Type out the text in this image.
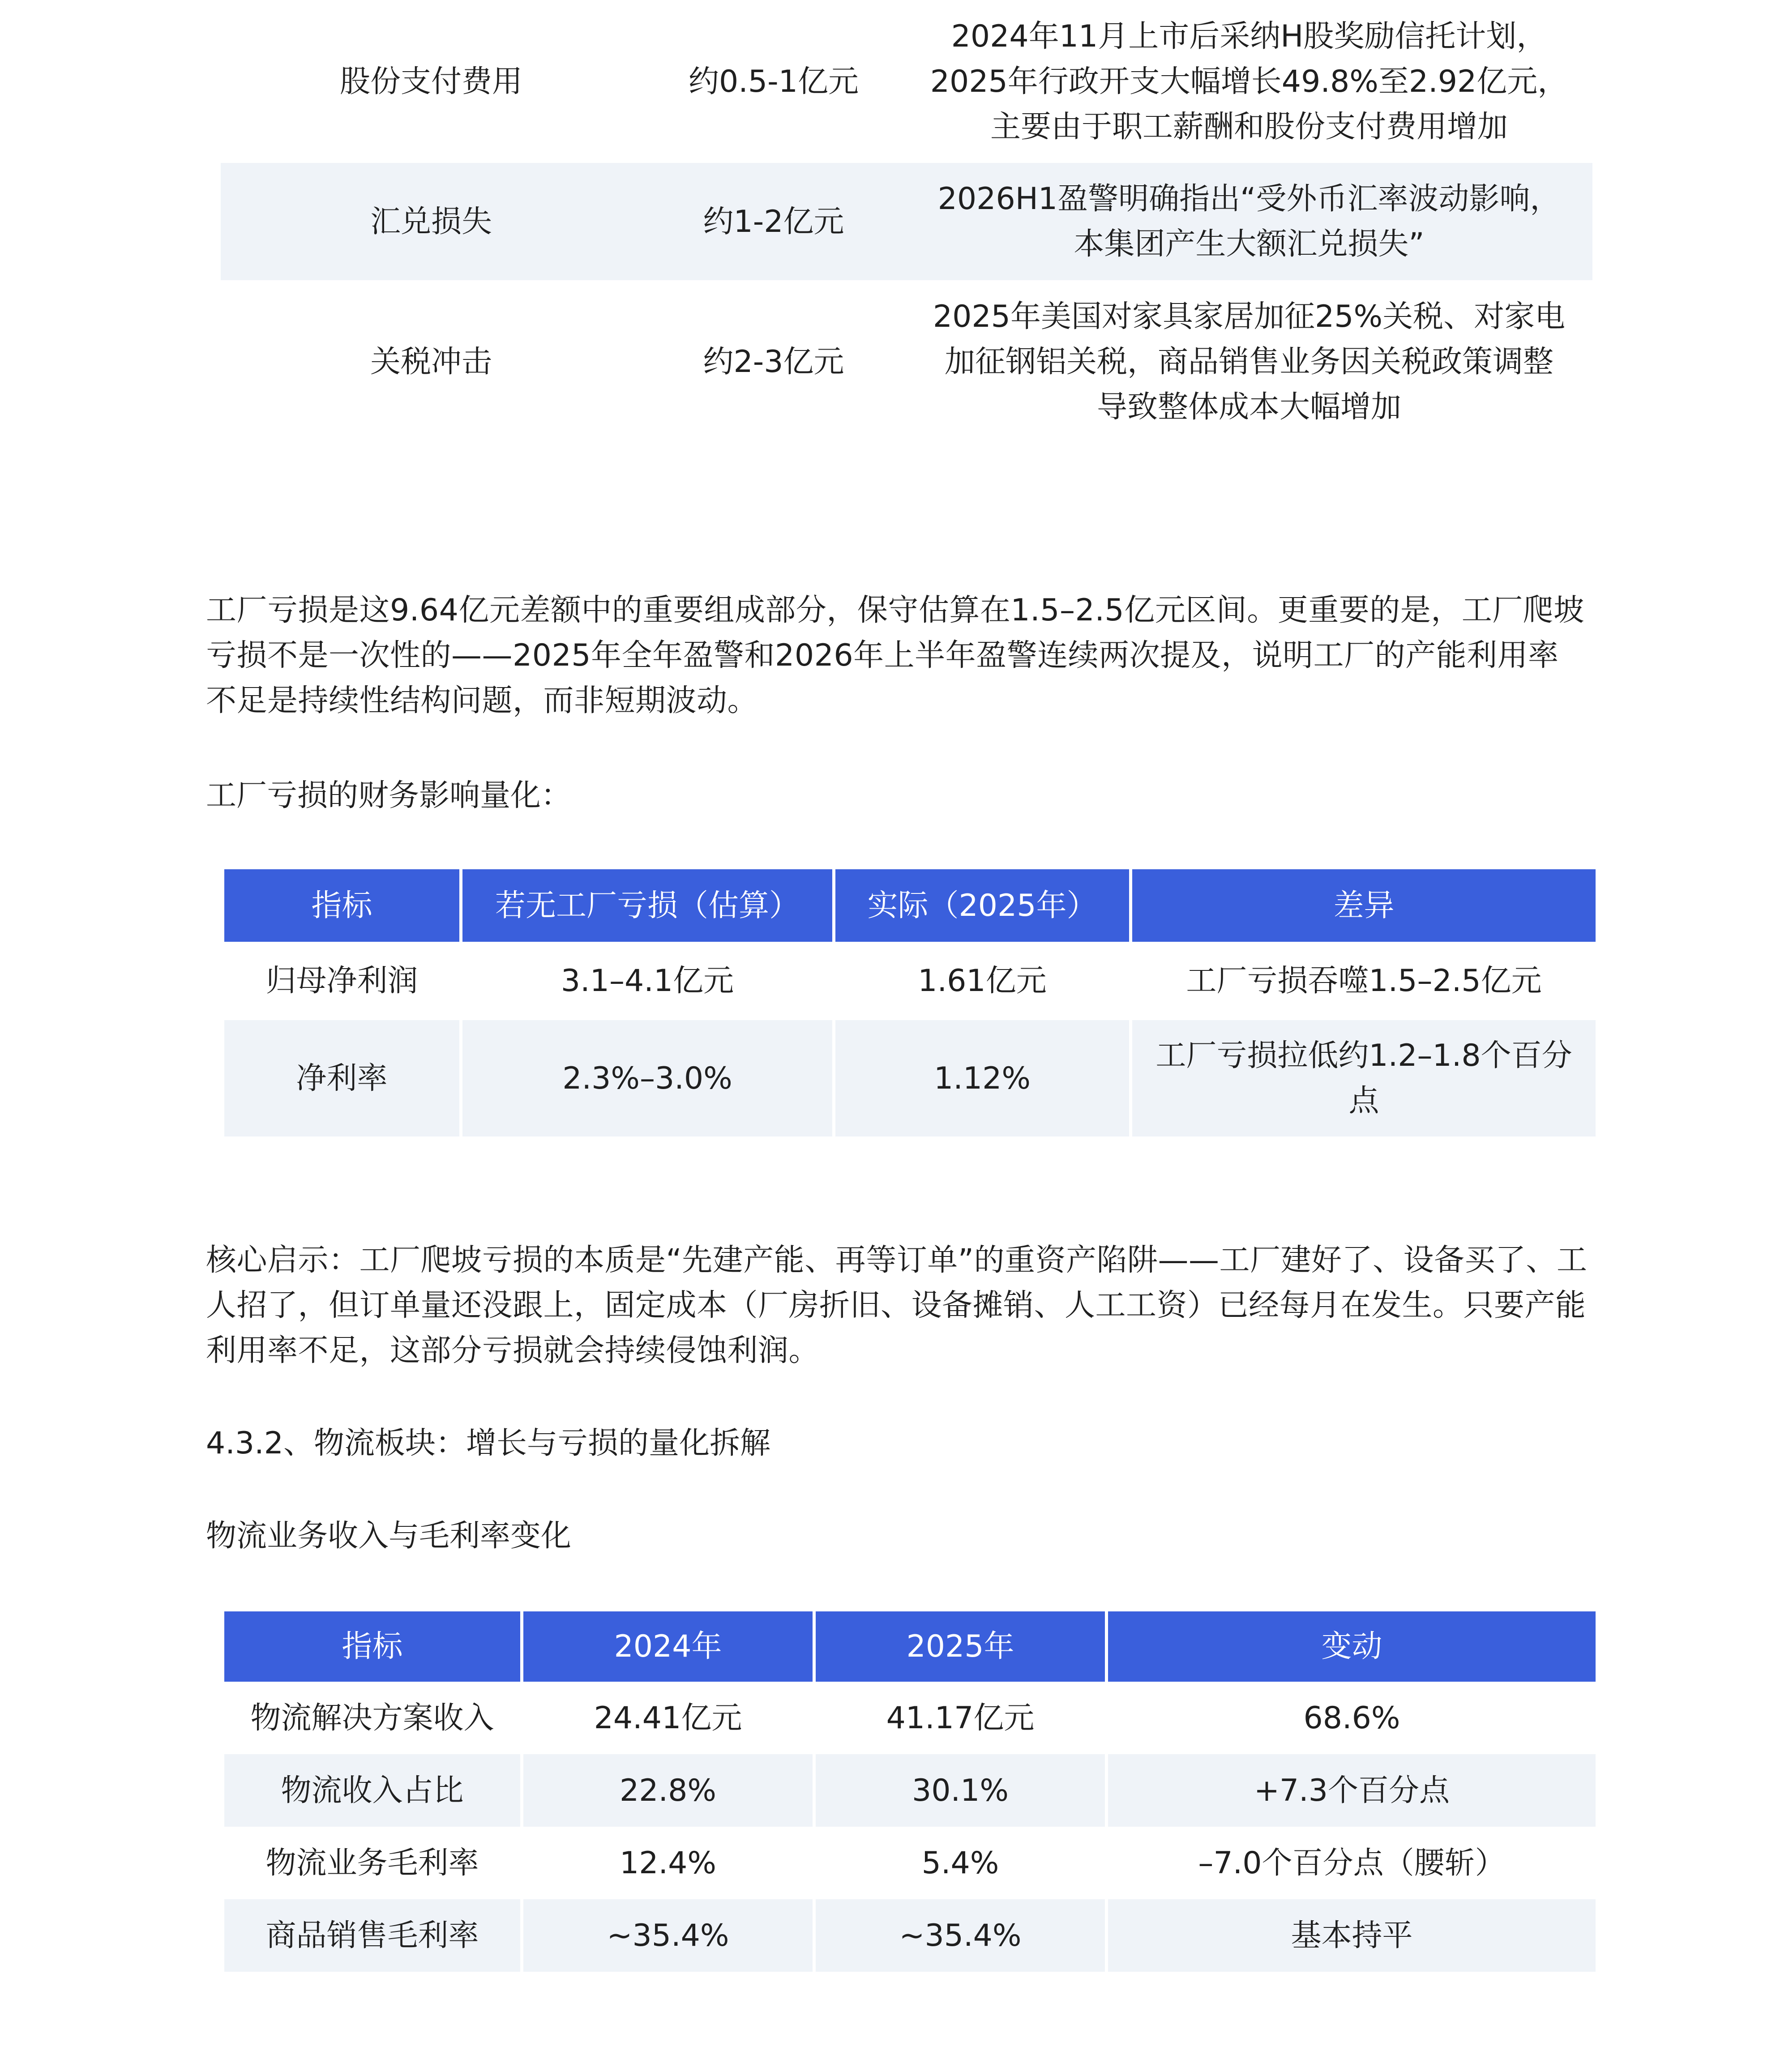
股份支付费用	约0.5-1亿元	2024年11月上市后采纳H股奖励信托计划，
2025年行政开支大幅增长49.8%至2.92亿元，
主要由于职工薪酬和股份支付费用增加

汇兑损失	约1-2亿元	2026H1盈警明确指出“受外币汇率波动影响，
本集团产生大额汇兑损失”

关税冲击	约2-3亿元	2025年美国对家具家居加征25%关税、对家电
加征钢铝关税，商品销售业务因关税政策调整
导致整体成本大幅增加

工厂亏损是这9.64亿元差额中的重要组成部分，保守估算在1.5–2.5亿元区间。更重要的是，工厂爬坡亏损不是一次性的——2025年全年盈警和2026年上半年盈警连续两次提及，说明工厂的产能利用率不足是持续性结构问题，而非短期波动。

工厂亏损的财务影响量化：

指标	若无工厂亏损（估算）	实际（2025年）	差异
归母净利润	3.1–4.1亿元	1.61亿元	工厂亏损吞噬1.5–2.5亿元
净利率	2.3%–3.0%	1.12%	工厂亏损拉低约1.2–1.8个百分点

核心启示：工厂爬坡亏损的本质是“先建产能、再等订单”的重资产陷阱——工厂建好了、设备买了、工人招了，但订单量还没跟上，固定成本（厂房折旧、设备摊销、人工工资）已经每月在发生。只要产能利用率不足，这部分亏损就会持续侵蚀利润。

4.3.2、物流板块：增长与亏损的量化拆解

物流业务收入与毛利率变化

指标	2024年	2025年	变动
物流解决方案收入	24.41亿元	41.17亿元	68.6%
物流收入占比	22.8%	30.1%	+7.3个百分点
物流业务毛利率	12.4%	5.4%	–7.0个百分点（腰斩）
商品销售毛利率	~35.4%	~35.4%	基本持平
